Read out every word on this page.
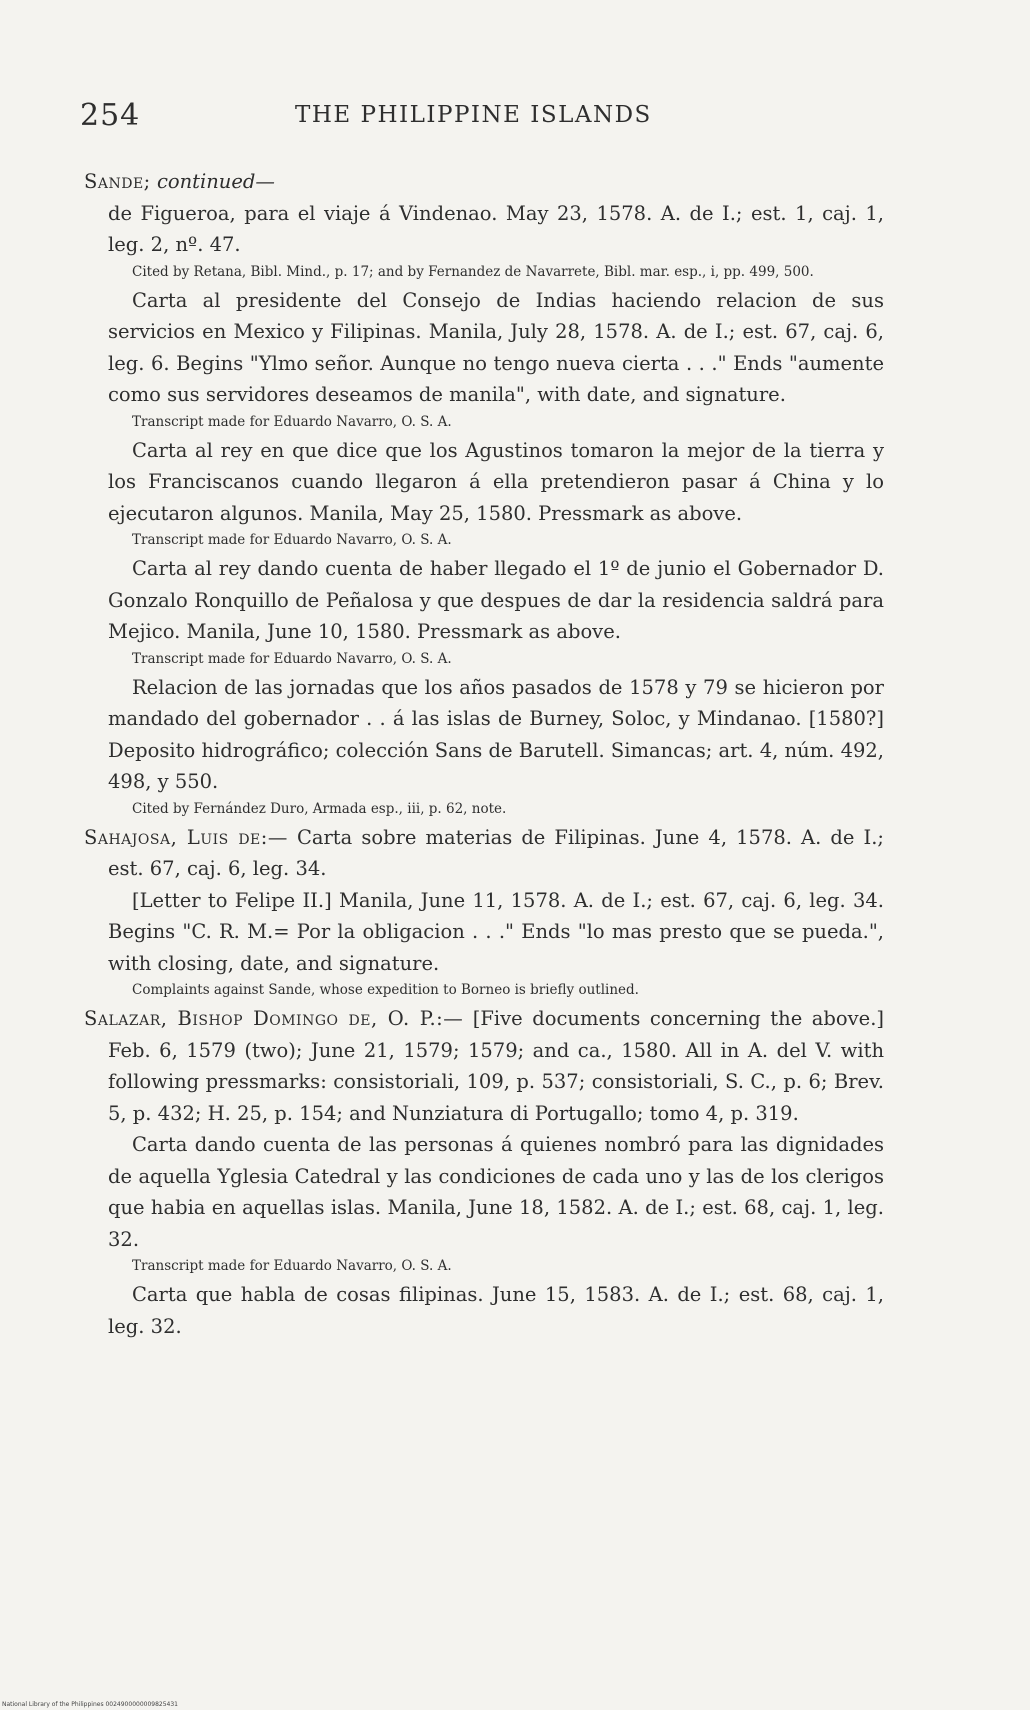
254	THE PHILIPPINE ISLANDS

Sande; continued—

de Figueroa, para el viaje á Vindenao. May 23, 1578. A. de I.; est. 1, caj. 1, leg. 2, nº. 47.

Cited by Retana, Bibl. Mind., p. 17; and by Fernandez de Navarrete, Bibl. mar. esp., i, pp. 499, 500.

Carta al presidente del Consejo de Indias haciendo relacion de sus servicios en Mexico y Filipinas. Manila, July 28, 1578. A. de I.; est. 67, caj. 6, leg. 6. Begins "Ylmo señor. Aunque no tengo nueva cierta . . ." Ends "aumente como sus servidores deseamos de manila", with date, and signature.

Transcript made for Eduardo Navarro, O. S. A.

Carta al rey en que dice que los Agustinos tomaron la mejor de la tierra y los Franciscanos cuando llegaron á ella pretendieron pasar á China y lo ejecutaron algunos. Manila, May 25, 1580. Pressmark as above.

Transcript made for Eduardo Navarro, O. S. A.

Carta al rey dando cuenta de haber llegado el 1º de junio el Gobernador D. Gonzalo Ronquillo de Peñalosa y que despues de dar la residencia saldrá para Mejico. Manila, June 10, 1580. Pressmark as above.

Transcript made for Eduardo Navarro, O. S. A.

Relacion de las jornadas que los años pasados de 1578 y 79 se hicieron por mandado del gobernador . . á las islas de Burney, Soloc, y Mindanao. [1580?] Deposito hidrográfico; colección Sans de Barutell. Simancas; art. 4, núm. 492, 498, y 550.

Cited by Fernández Duro, Armada esp., iii, p. 62, note.

Sahajosa, Luis de:— Carta sobre materias de Filipinas. June 4, 1578. A. de I.; est. 67, caj. 6, leg. 34.

[Letter to Felipe II.] Manila, June 11, 1578. A. de I.; est. 67, caj. 6, leg. 34. Begins "C. R. M.= Por la obligacion . . ." Ends "lo mas presto que se pueda.", with closing, date, and signature.

Complaints against Sande, whose expedition to Borneo is briefly outlined.

Salazar, Bishop Domingo de, O. P.:— [Five documents concerning the above.] Feb. 6, 1579 (two); June 21, 1579; 1579; and ca., 1580. All in A. del V. with following pressmarks: consistoriali, 109, p. 537; consistoriali, S. C., p. 6; Brev. 5, p. 432; H. 25, p. 154; and Nunziatura di Portugallo; tomo 4, p. 319.

Carta dando cuenta de las personas á quienes nombró para las dignidades de aquella Yglesia Catedral y las condiciones de cada uno y las de los clerigos que habia en aquellas islas. Manila, June 18, 1582. A. de I.; est. 68, caj. 1, leg. 32.

Transcript made for Eduardo Navarro, O. S. A.

Carta que habla de cosas filipinas. June 15, 1583. A. de I.; est. 68, caj. 1, leg. 32.

National Library of the Philippines 0024900000009825431
